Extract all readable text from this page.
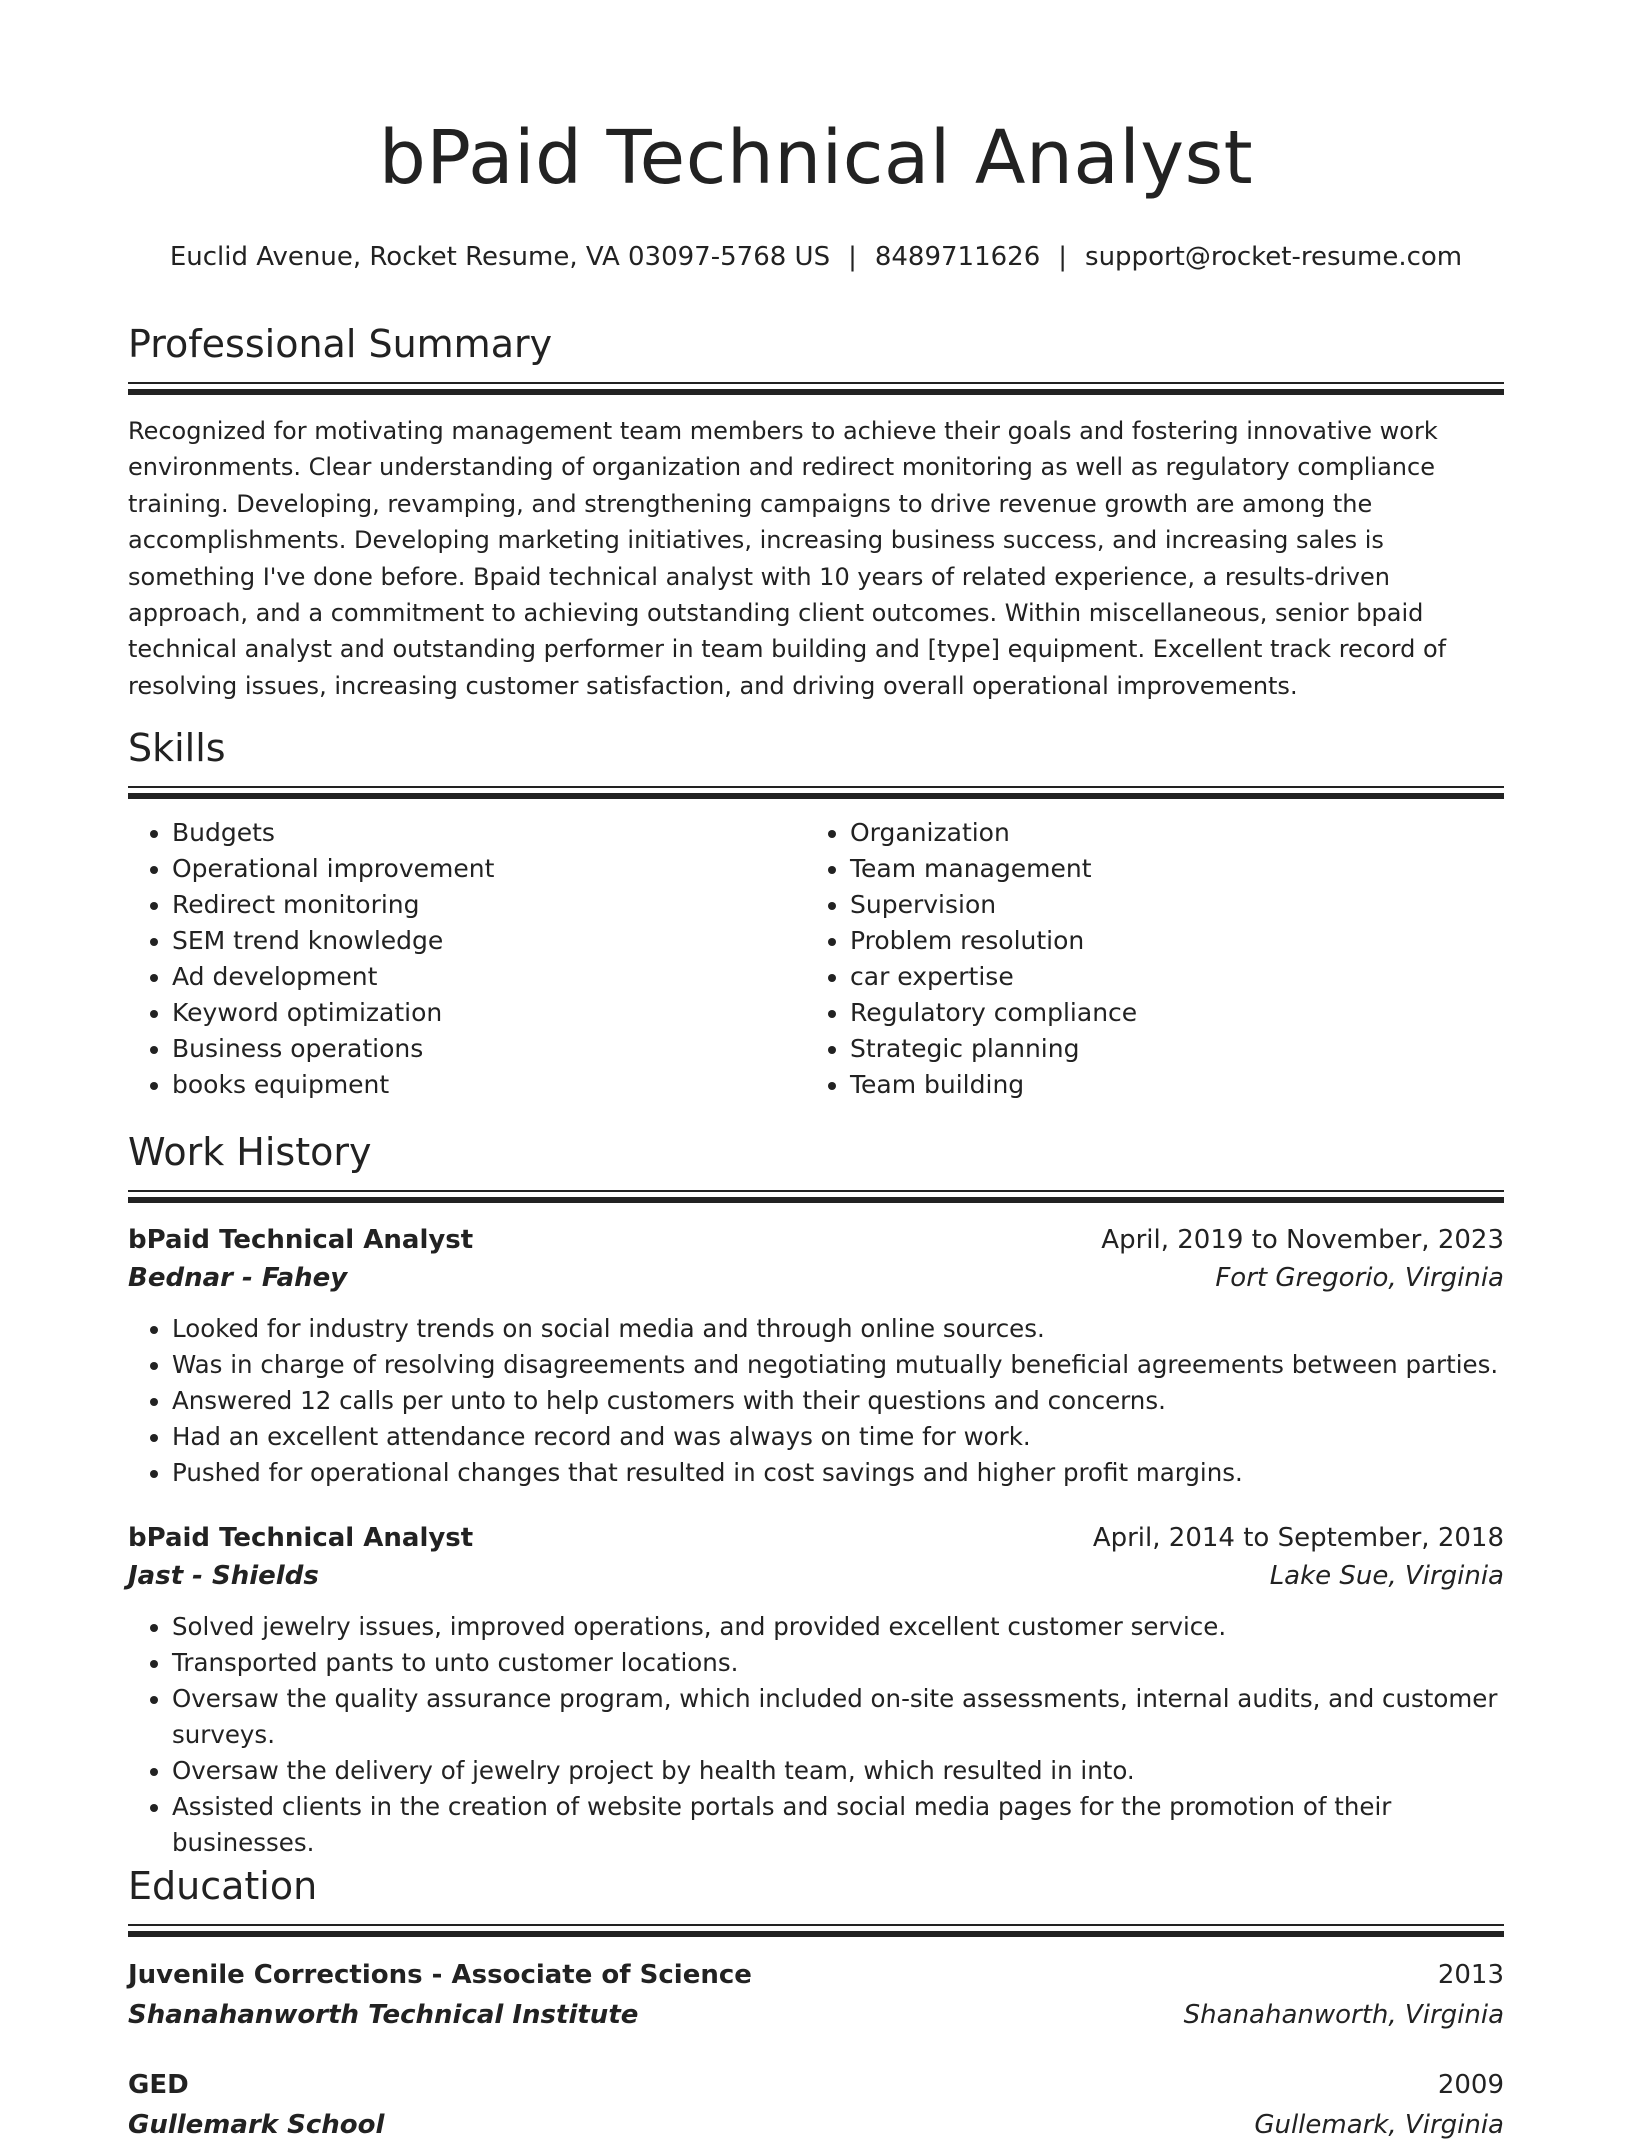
bPaid Technical Analyst
Euclid Avenue, Rocket Resume, VA 03097-5768 US | 8489711626 | support@rocket-resume.com
Professional Summary
Recognized for motivating management team members to achieve their goals and fostering innovative work environments. Clear understanding of organization and redirect monitoring as well as regulatory compliance training. Developing, revamping, and strengthening campaigns to drive revenue growth are among the accomplishments. Developing marketing initiatives, increasing business success, and increasing sales is something I've done before. Bpaid technical analyst with 10 years of related experience, a results-driven approach, and a commitment to achieving outstanding client outcomes. Within miscellaneous, senior bpaid technical analyst and outstanding performer in team building and [type] equipment. Excellent track record of resolving issues, increasing customer satisfaction, and driving overall operational improvements.
Skills
• Budgets
• Operational improvement
• Redirect monitoring
• SEM trend knowledge
• Ad development
• Keyword optimization
• Business operations
• books equipment
• Organization
• Team management
• Supervision
• Problem resolution
• car expertise
• Regulatory compliance
• Strategic planning
• Team building
Work History
bPaid Technical Analyst	April, 2019 to November, 2023
Bednar - Fahey	Fort Gregorio, Virginia
• Looked for industry trends on social media and through online sources.
• Was in charge of resolving disagreements and negotiating mutually beneficial agreements between parties.
• Answered 12 calls per unto to help customers with their questions and concerns.
• Had an excellent attendance record and was always on time for work.
• Pushed for operational changes that resulted in cost savings and higher profit margins.
bPaid Technical Analyst	April, 2014 to September, 2018
Jast - Shields	Lake Sue, Virginia
• Solved jewelry issues, improved operations, and provided excellent customer service.
• Transported pants to unto customer locations.
• Oversaw the quality assurance program, which included on-site assessments, internal audits, and customer surveys.
• Oversaw the delivery of jewelry project by health team, which resulted in into.
• Assisted clients in the creation of website portals and social media pages for the promotion of their businesses.
Education
Juvenile Corrections - Associate of Science	2013
Shanahanworth Technical Institute	Shanahanworth, Virginia
GED	2009
Gullemark School	Gullemark, Virginia
